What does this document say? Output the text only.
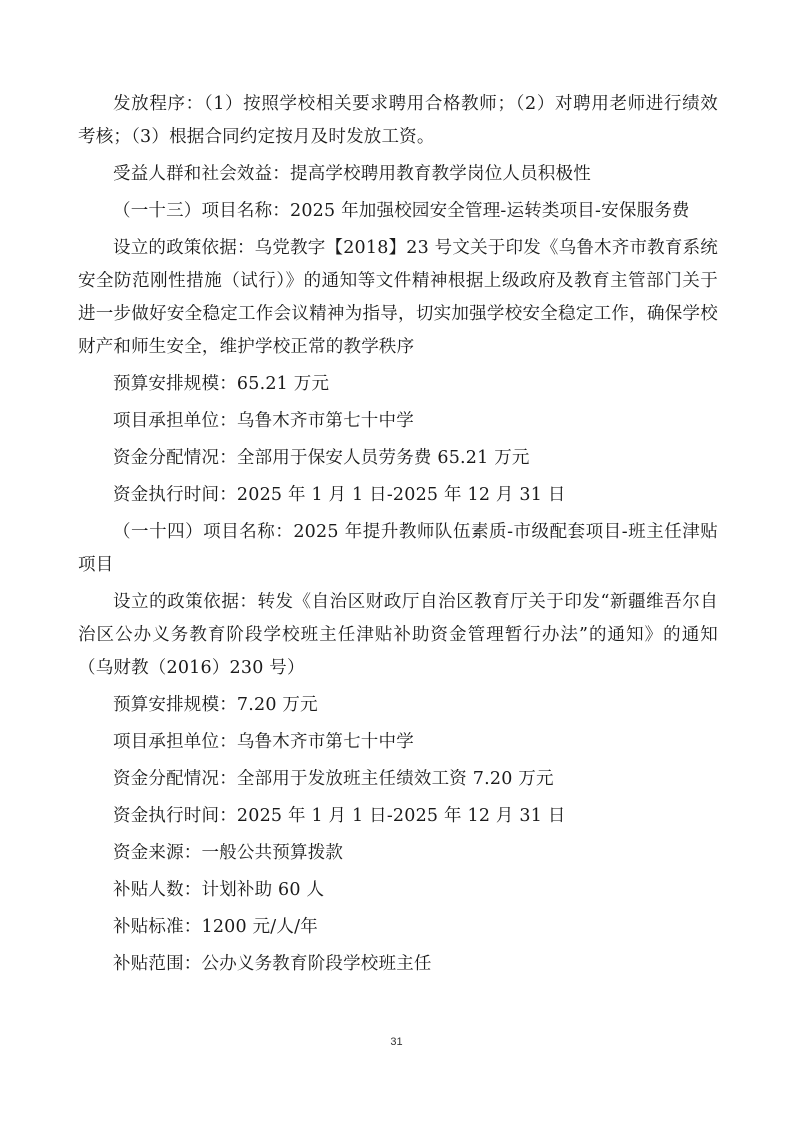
发放程序：（1）按照学校相关要求聘用合格教师；（2）对聘用老师进行绩效考核；（3）根据合同约定按月及时发放工资。

受益人群和社会效益：提高学校聘用教育教学岗位人员积极性

（一十三）项目名称：2025 年加强校园安全管理-运转类项目-安保服务费

设立的政策依据：乌党教字【2018】23 号文关于印发《乌鲁木齐市教育系统安全防范刚性措施（试行）》的通知等文件精神根据上级政府及教育主管部门关于进一步做好安全稳定工作会议精神为指导，切实加强学校安全稳定工作，确保学校财产和师生安全，维护学校正常的教学秩序

预算安排规模：65.21 万元

项目承担单位：乌鲁木齐市第七十中学

资金分配情况：全部用于保安人员劳务费 65.21 万元

资金执行时间：2025 年 1 月 1 日-2025 年 12 月 31 日

（一十四）项目名称：2025 年提升教师队伍素质-市级配套项目-班主任津贴项目

设立的政策依据：转发《自治区财政厅自治区教育厅关于印发“新疆维吾尔自治区公办义务教育阶段学校班主任津贴补助资金管理暂行办法”的通知》的通知（乌财教（2016）230 号）

预算安排规模：7.20 万元

项目承担单位：乌鲁木齐市第七十中学

资金分配情况：全部用于发放班主任绩效工资 7.20 万元

资金执行时间：2025 年 1 月 1 日-2025 年 12 月 31 日

资金来源：一般公共预算拨款

补贴人数：计划补助 60 人

补贴标准：1200 元/人/年

补贴范围：公办义务教育阶段学校班主任

31
